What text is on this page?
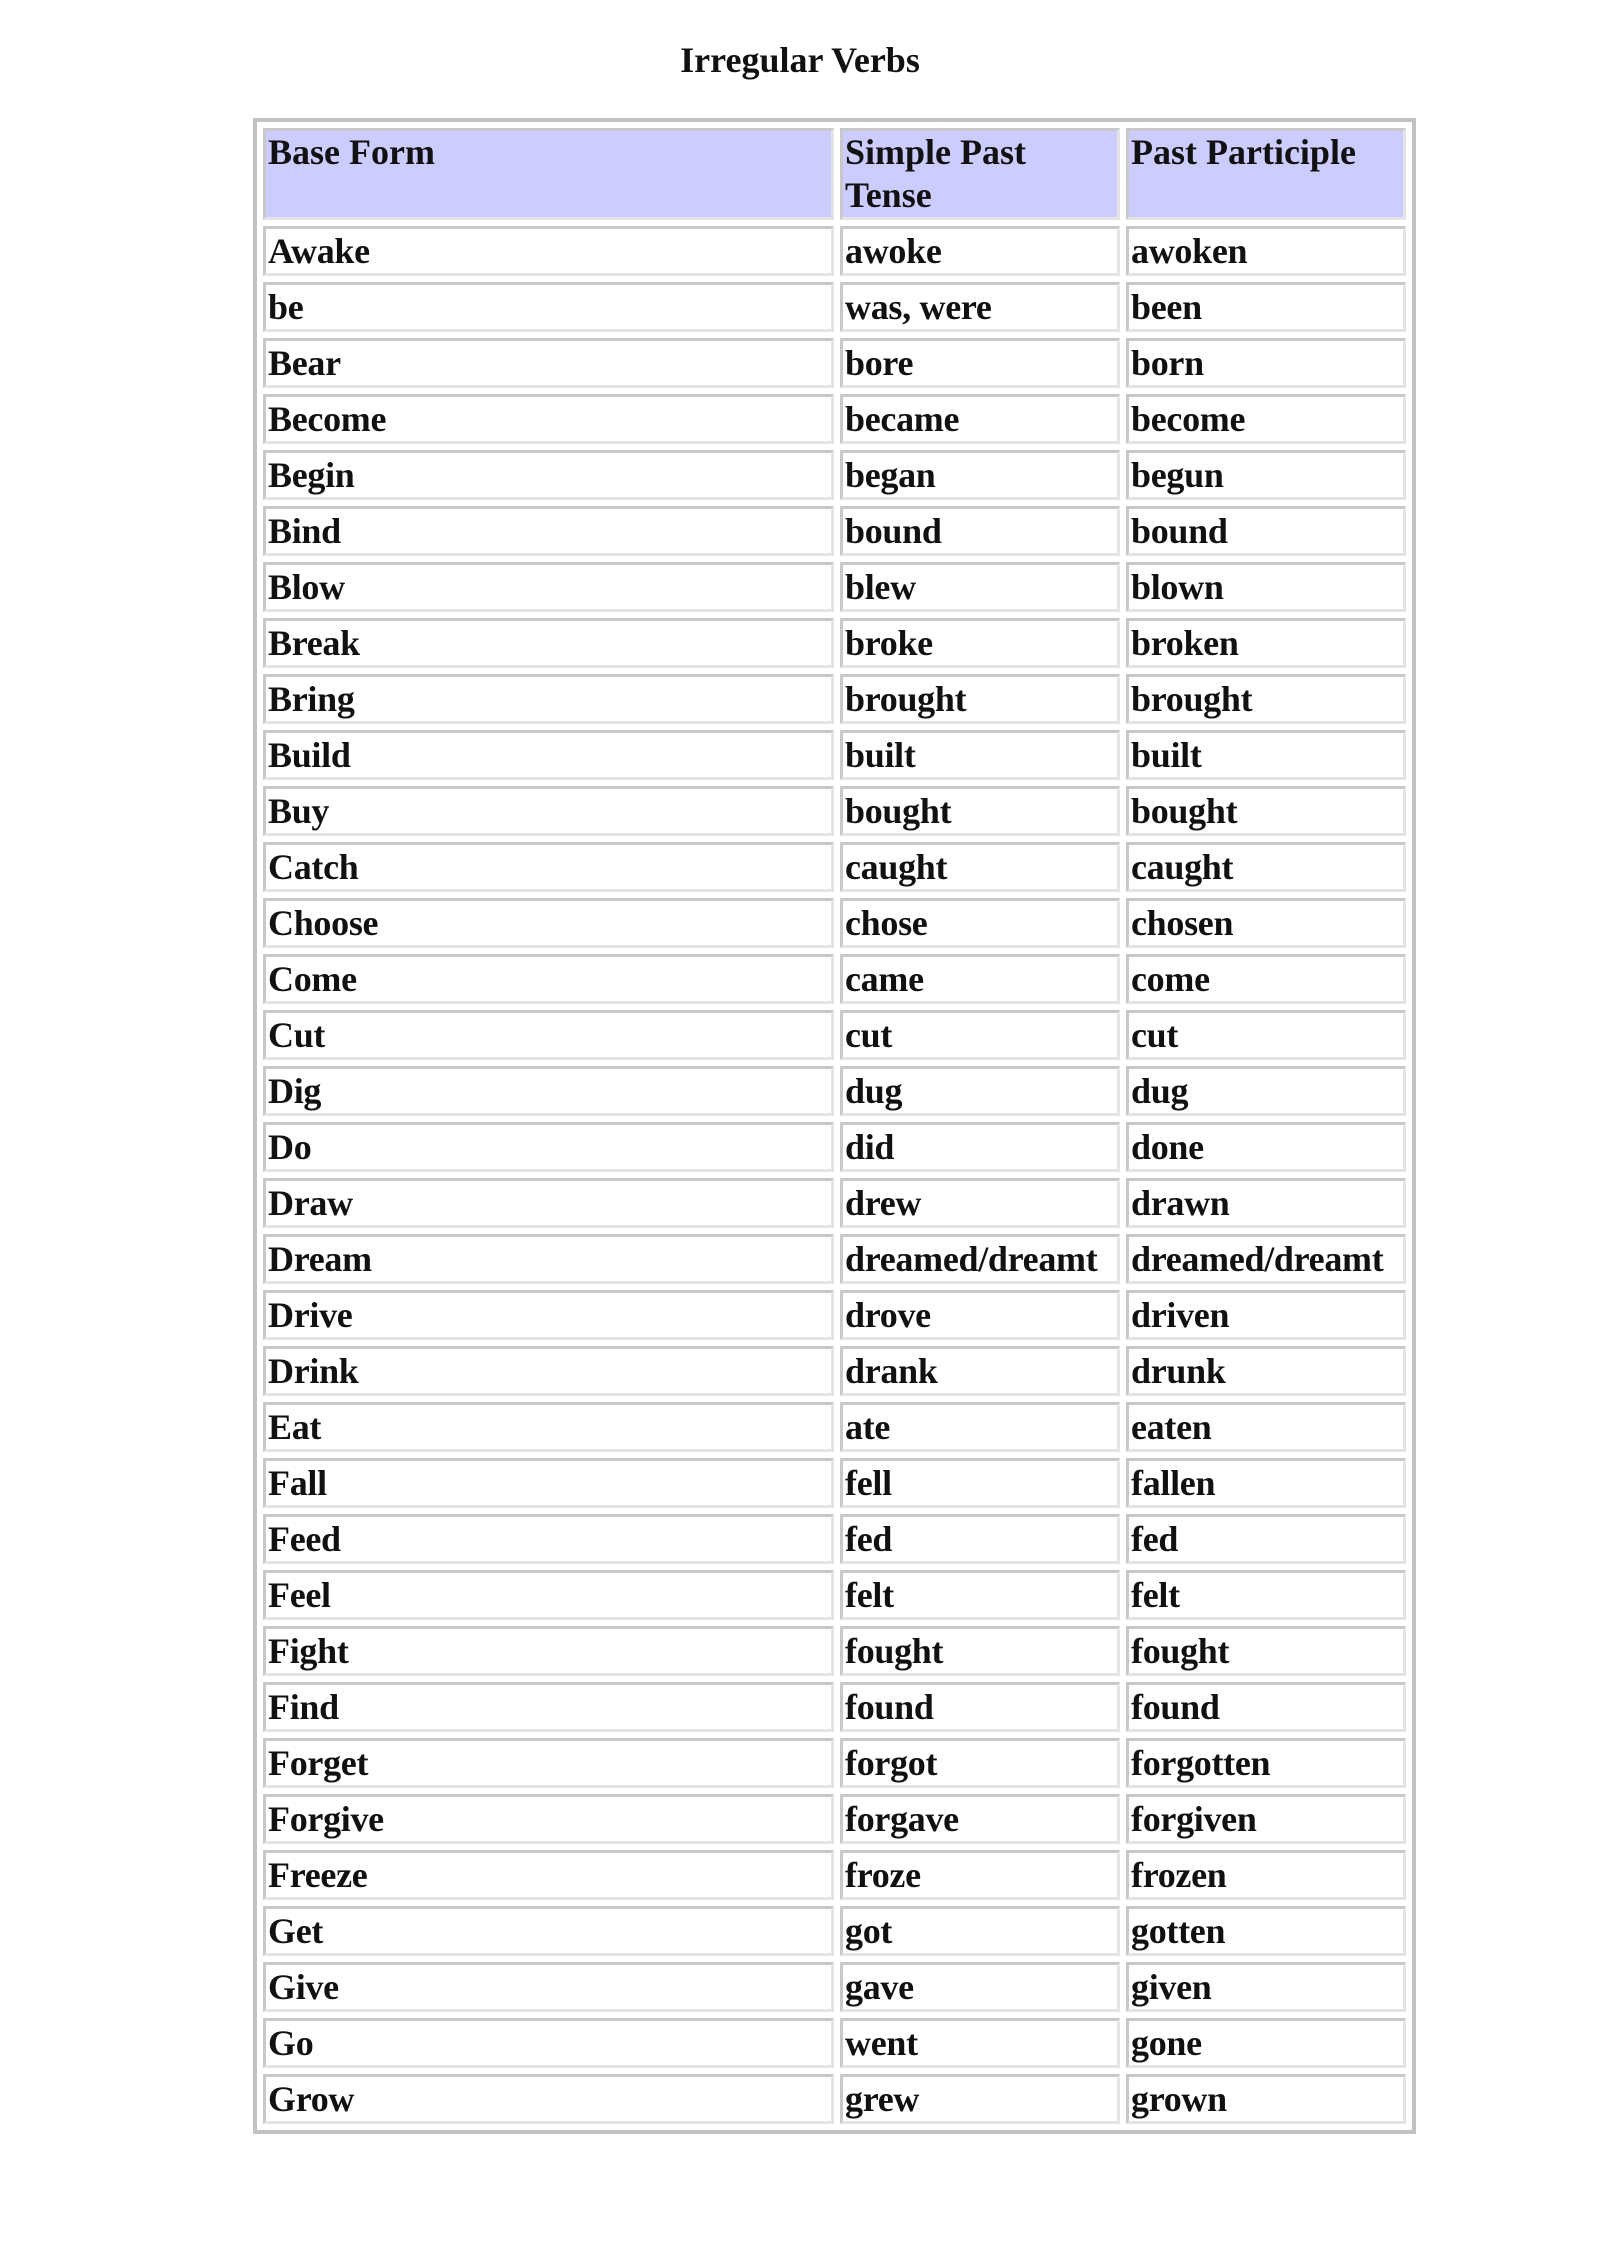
Irregular Verbs
Base Form	Simple Past Tense	Past Participle
Awake	awoke	awoken
be	was, were	been
Bear	bore	born
Become	became	become
Begin	began	begun
Bind	bound	bound
Blow	blew	blown
Break	broke	broken
Bring	brought	brought
Build	built	built
Buy	bought	bought
Catch	caught	caught
Choose	chose	chosen
Come	came	come
Cut	cut	cut
Dig	dug	dug
Do	did	done
Draw	drew	drawn
Dream	dreamed/dreamt	dreamed/dreamt
Drive	drove	driven
Drink	drank	drunk
Eat	ate	eaten
Fall	fell	fallen
Feed	fed	fed
Feel	felt	felt
Fight	fought	fought
Find	found	found
Forget	forgot	forgotten
Forgive	forgave	forgiven
Freeze	froze	frozen
Get	got	gotten
Give	gave	given
Go	went	gone
Grow	grew	grown
